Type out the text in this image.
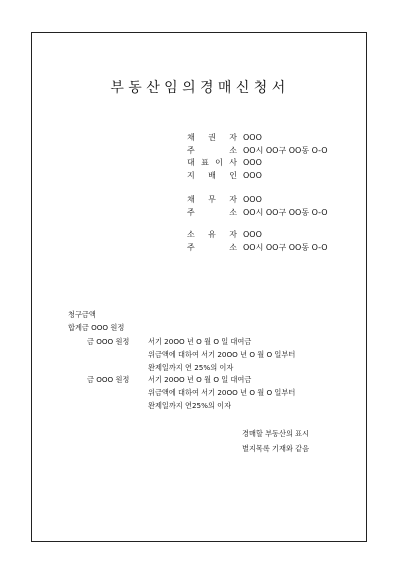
부동산임의경매신청서
채 권 자 OOO
주	소 OO시 OO구 OO동 O-O
대 표 이 사 OOO
지 배 인 OOO
채 무 자 OOO
주	소 OO시 OO구 OO동 O-O
소 유 자 OOO
주	소 OO시 OO구 OO동 O-O
청구금액
합계금 OOO 원정
금 OOO 원정	서기 20OO 년 O 월 O 일 대여금
위금액에 대하여 서기 20OO 년 O 월 O 일부터
완제일까지 연 25%의 이자
금 OOO 원정	서기 20OO 년 O 월 O 일 대여금
위금액에 대하여 서기 20OO 년 O 월 O 일부터
완제일까지 연25%의 이자
경매할 부동산의 표시
별지목록 기재와 같음
